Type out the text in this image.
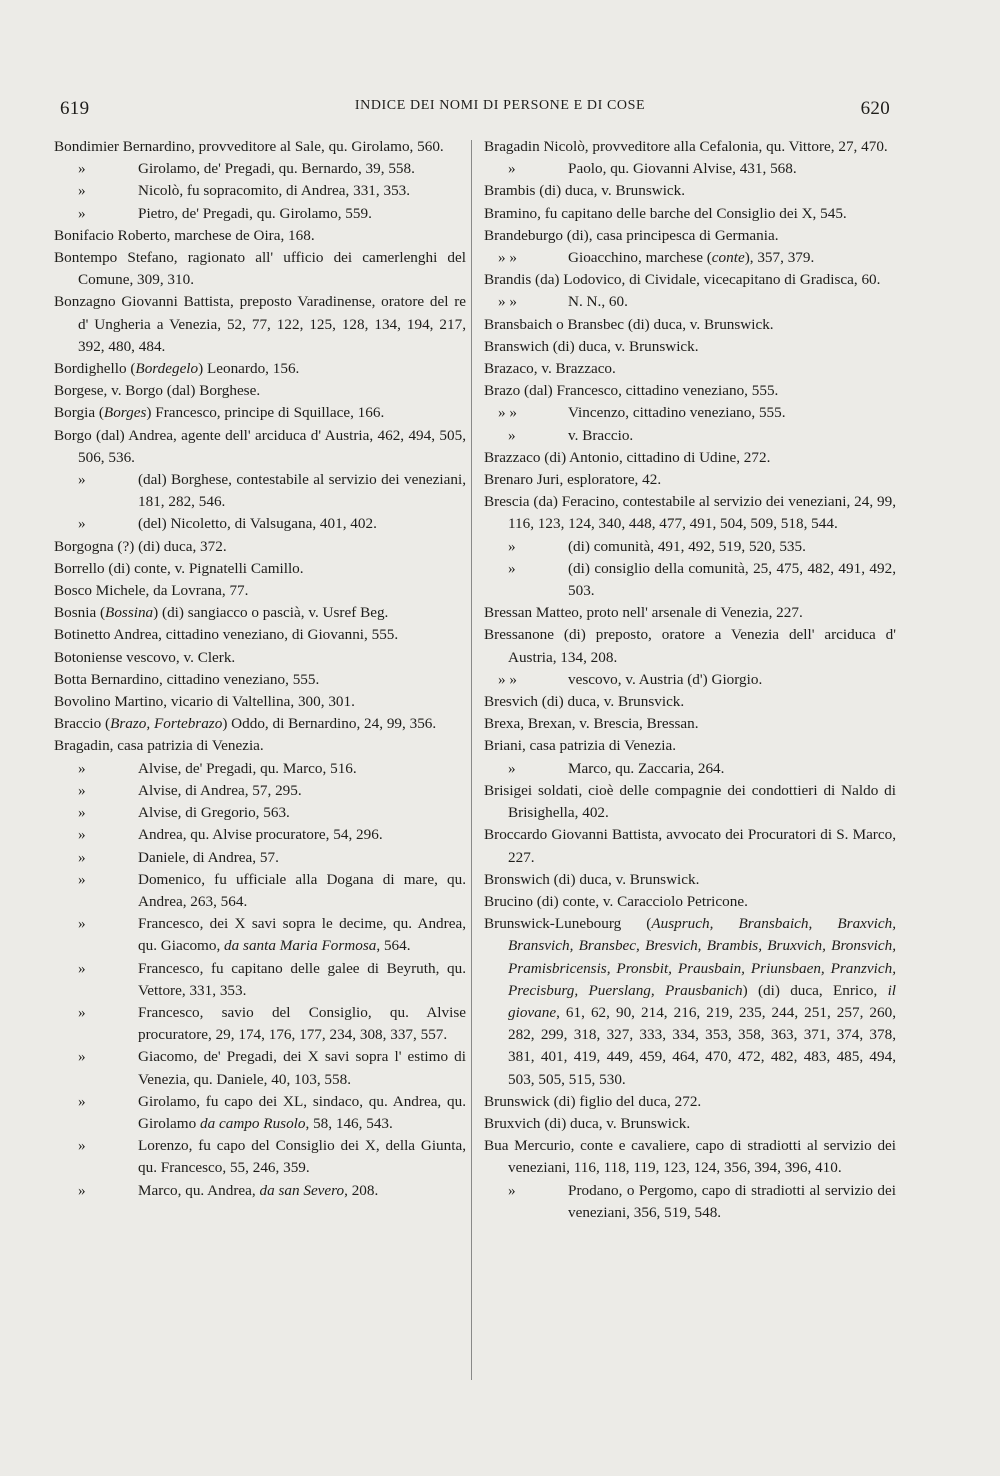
619	INDICE DEI NOMI DI PERSONE E DI COSE	620
Bondimier Bernardino, provveditore al Sale, qu. Girolamo, 560.
»	Girolamo, de' Pregadi, qu. Bernardo, 39, 558.
»	Nicolò, fu sopracomito, di Andrea, 331, 353.
»	Pietro, de' Pregadi, qu. Girolamo, 559.
Bonifacio Roberto, marchese de Oira, 168.
Bontempo Stefano, ragionato all' ufficio dei camerlenghi del Comune, 309, 310.
Bonzagno Giovanni Battista, preposto Varadinense, oratore del re d' Ungheria a Venezia, 52, 77, 122, 125, 128, 134, 194, 217, 392, 480, 484.
Bordighello (Bordegelo) Leonardo, 156.
Borgese, v. Borgo (dal) Borghese.
Borgia (Borges) Francesco, principe di Squillace, 166.
Borgo (dal) Andrea, agente dell' arciduca d' Austria, 462, 494, 505, 506, 536.
»	(dal) Borghese, contestabile al servizio dei veneziani, 181, 282, 546.
»	(del) Nicoletto, di Valsugana, 401, 402.
Borgogna (?) (di) duca, 372.
Borrello (di) conte, v. Pignatelli Camillo.
Bosco Michele, da Lovrana, 77.
Bosnia (Bossina) (di) sangiacco o pascià, v. Usref Beg.
Botinetto Andrea, cittadino veneziano, di Giovanni, 555.
Botoniense vescovo, v. Clerk.
Botta Bernardino, cittadino veneziano, 555.
Bovolino Martino, vicario di Valtellina, 300, 301.
Braccio (Brazo, Fortebrazo) Oddo, di Bernardino, 24, 99, 356.
Bragadin, casa patrizia di Venezia.
»	Alvise, de' Pregadi, qu. Marco, 516.
»	Alvise, di Andrea, 57, 295.
»	Alvise, di Gregorio, 563.
»	Andrea, qu. Alvise procuratore, 54, 296.
»	Daniele, di Andrea, 57.
»	Domenico, fu ufficiale alla Dogana di mare, qu. Andrea, 263, 564.
»	Francesco, dei X savi sopra le decime, qu. Andrea, qu. Giacomo, da santa Maria Formosa, 564.
»	Francesco, fu capitano delle galee di Beyruth, qu. Vettore, 331, 353.
»	Francesco, savio del Consiglio, qu. Alvise procuratore, 29, 174, 176, 177, 234, 308, 337, 557.
»	Giacomo, de' Pregadi, dei X savi sopra l' estimo di Venezia, qu. Daniele, 40, 103, 558.
»	Girolamo, fu capo dei XL, sindaco, qu. Andrea, qu. Girolamo da campo Rusolo, 58, 146, 543.
»	Lorenzo, fu capo del Consiglio dei X, della Giunta, qu. Francesco, 55, 246, 359.
»	Marco, qu. Andrea, da san Severo, 208.
Bragadin Nicolò, provveditore alla Cefalonia, qu. Vittore, 27, 470.
»	Paolo, qu. Giovanni Alvise, 431, 568.
Brambis (di) duca, v. Brunswick.
Bramino, fu capitano delle barche del Consiglio dei X, 545.
Brandeburgo (di), casa principesca di Germania.
» »	Gioacchino, marchese (conte), 357, 379.
Brandis (da) Lodovico, di Cividale, vicecapitano di Gradisca, 60.
» »	N. N., 60.
Bransbaich o Bransbec (di) duca, v. Brunswick.
Branswich (di) duca, v. Brunswick.
Brazaco, v. Brazzaco.
Brazo (dal) Francesco, cittadino veneziano, 555.
» »	Vincenzo, cittadino veneziano, 555.
»	v. Braccio.
Brazzaco (di) Antonio, cittadino di Udine, 272.
Brenaro Juri, esploratore, 42.
Brescia (da) Feracino, contestabile al servizio dei veneziani, 24, 99, 116, 123, 124, 340, 448, 477, 491, 504, 509, 518, 544.
»	(di) comunità, 491, 492, 519, 520, 535.
»	(di) consiglio della comunità, 25, 475, 482, 491, 492, 503.
Bressan Matteo, proto nell' arsenale di Venezia, 227.
Bressanone (di) preposto, oratore a Venezia dell' arciduca d' Austria, 134, 208.
» »	vescovo, v. Austria (d') Giorgio.
Bresvich (di) duca, v. Brunsvick.
Brexa, Brexan, v. Brescia, Bressan.
Briani, casa patrizia di Venezia.
»	Marco, qu. Zaccaria, 264.
Brisigei soldati, cioè delle compagnie dei condottieri di Naldo di Brisighella, 402.
Broccardo Giovanni Battista, avvocato dei Procuratori di S. Marco, 227.
Bronswich (di) duca, v. Brunswick.
Brucino (di) conte, v. Caracciolo Petricone.
Brunswick-Lunebourg (Auspruch, Bransbaich, Braxvich, Bransvich, Bransbec, Bresvich, Brambis, Bruxvich, Bronsvich, Pramisbricensis, Pronsbit, Prausbain, Priunsbaen, Pranzvich, Precisburg, Puerslang, Prausbanich) (di) duca, Enrico, il giovane, 61, 62, 90, 214, 216, 219, 235, 244, 251, 257, 260, 282, 299, 318, 327, 333, 334, 353, 358, 363, 371, 374, 378, 381, 401, 419, 449, 459, 464, 470, 472, 482, 483, 485, 494, 503, 505, 515, 530.
Brunswick (di) figlio del duca, 272.
Bruxvich (di) duca, v. Brunswick.
Bua Mercurio, conte e cavaliere, capo di stradiotti al servizio dei veneziani, 116, 118, 119, 123, 124, 356, 394, 396, 410.
»	Prodano, o Pergomo, capo di stradiotti al servizio dei veneziani, 356, 519, 548.
